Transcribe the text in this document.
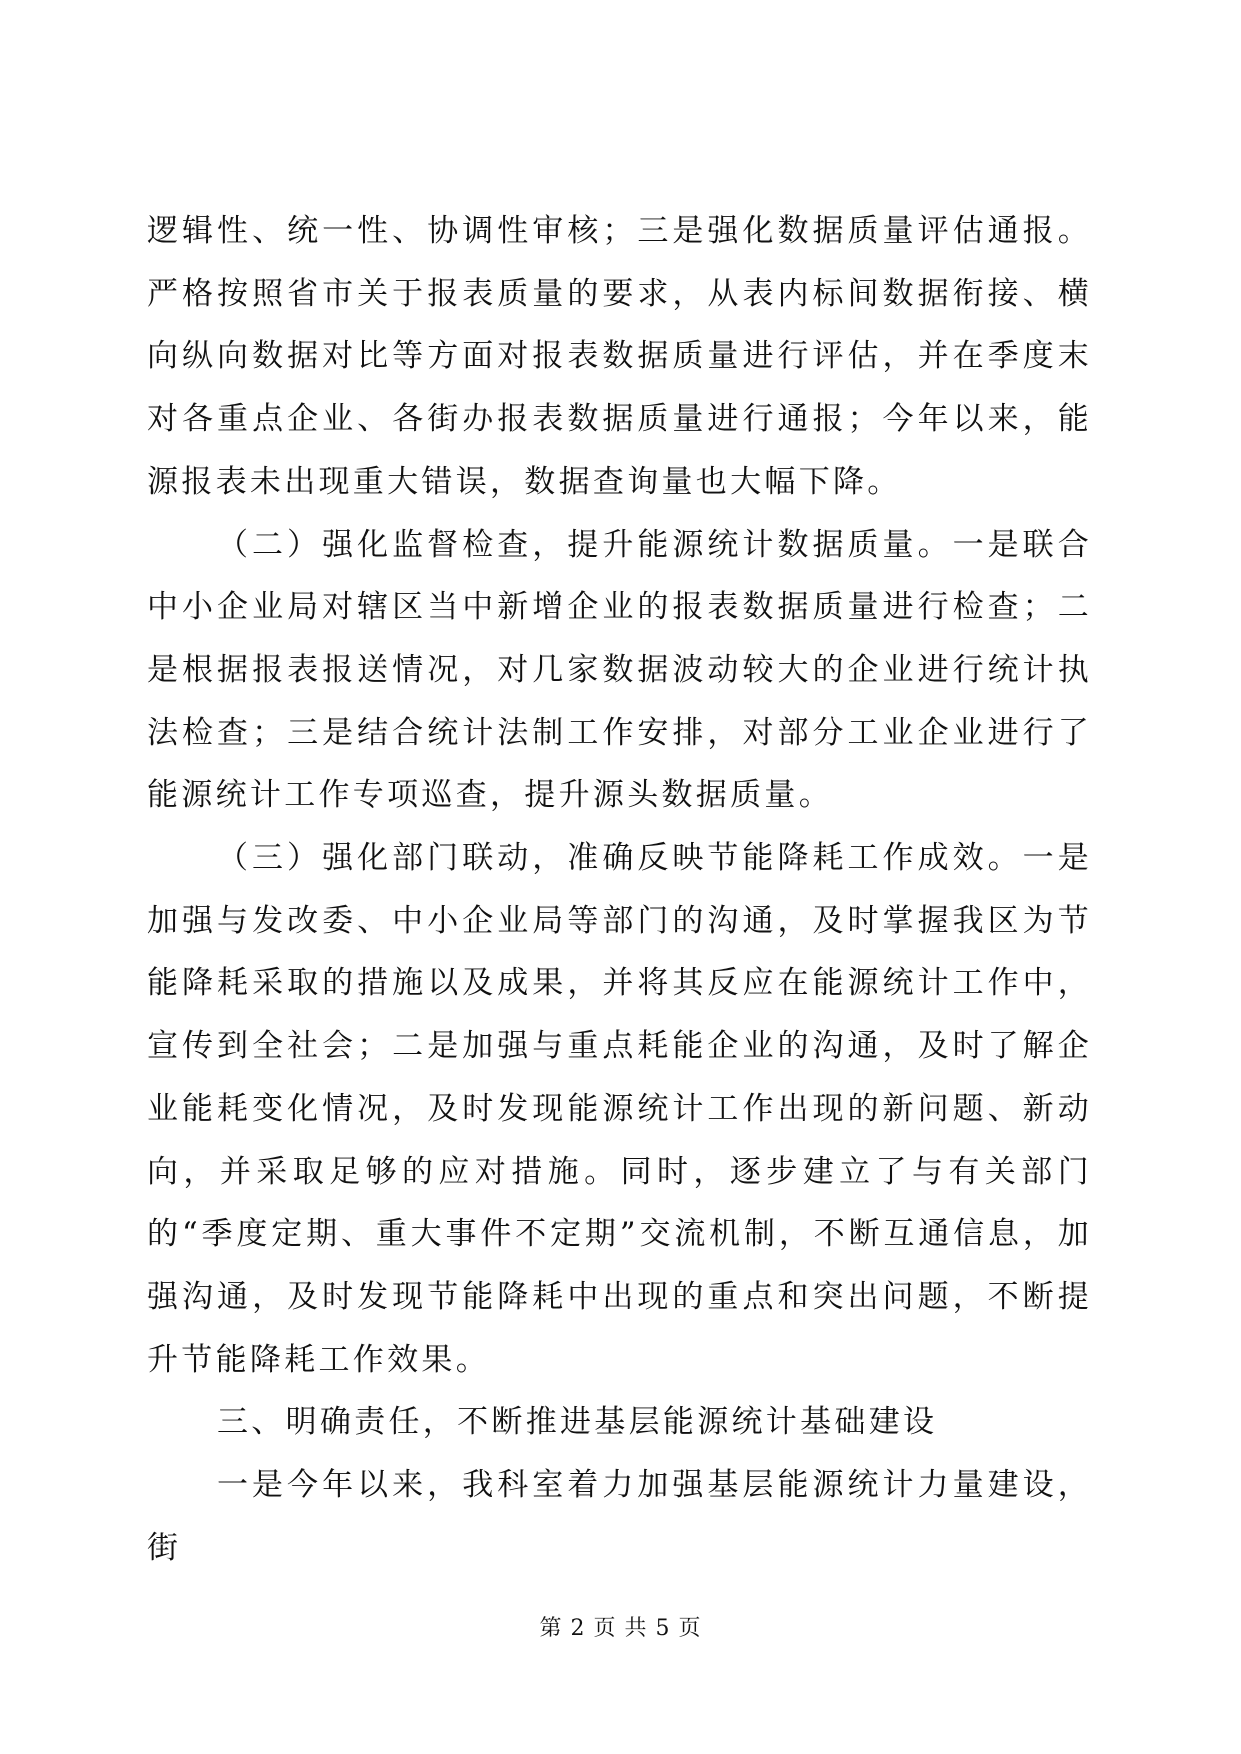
逻辑性、统一性、协调性审核；三是强化数据质量评估通报。严格按照省市关于报表质量的要求，从表内标间数据衔接、横向纵向数据对比等方面对报表数据质量进行评估，并在季度末对各重点企业、各街办报表数据质量进行通报；今年以来，能源报表未出现重大错误，数据查询量也大幅下降。

（二）强化监督检查，提升能源统计数据质量。一是联合中小企业局对辖区当中新增企业的报表数据质量进行检查；二是根据报表报送情况，对几家数据波动较大的企业进行统计执法检查；三是结合统计法制工作安排，对部分工业企业进行了能源统计工作专项巡查，提升源头数据质量。

（三）强化部门联动，准确反映节能降耗工作成效。一是加强与发改委、中小企业局等部门的沟通，及时掌握我区为节能降耗采取的措施以及成果，并将其反应在能源统计工作中，宣传到全社会；二是加强与重点耗能企业的沟通，及时了解企业能耗变化情况，及时发现能源统计工作出现的新问题、新动向，并采取足够的应对措施。同时，逐步建立了与有关部门的“季度定期、重大事件不定期”交流机制，不断互通信息，加强沟通，及时发现节能降耗中出现的重点和突出问题，不断提升节能降耗工作效果。

三、明确责任，不断推进基层能源统计基础建设

一是今年以来，我科室着力加强基层能源统计力量建设，街

第 2 页 共 5 页
